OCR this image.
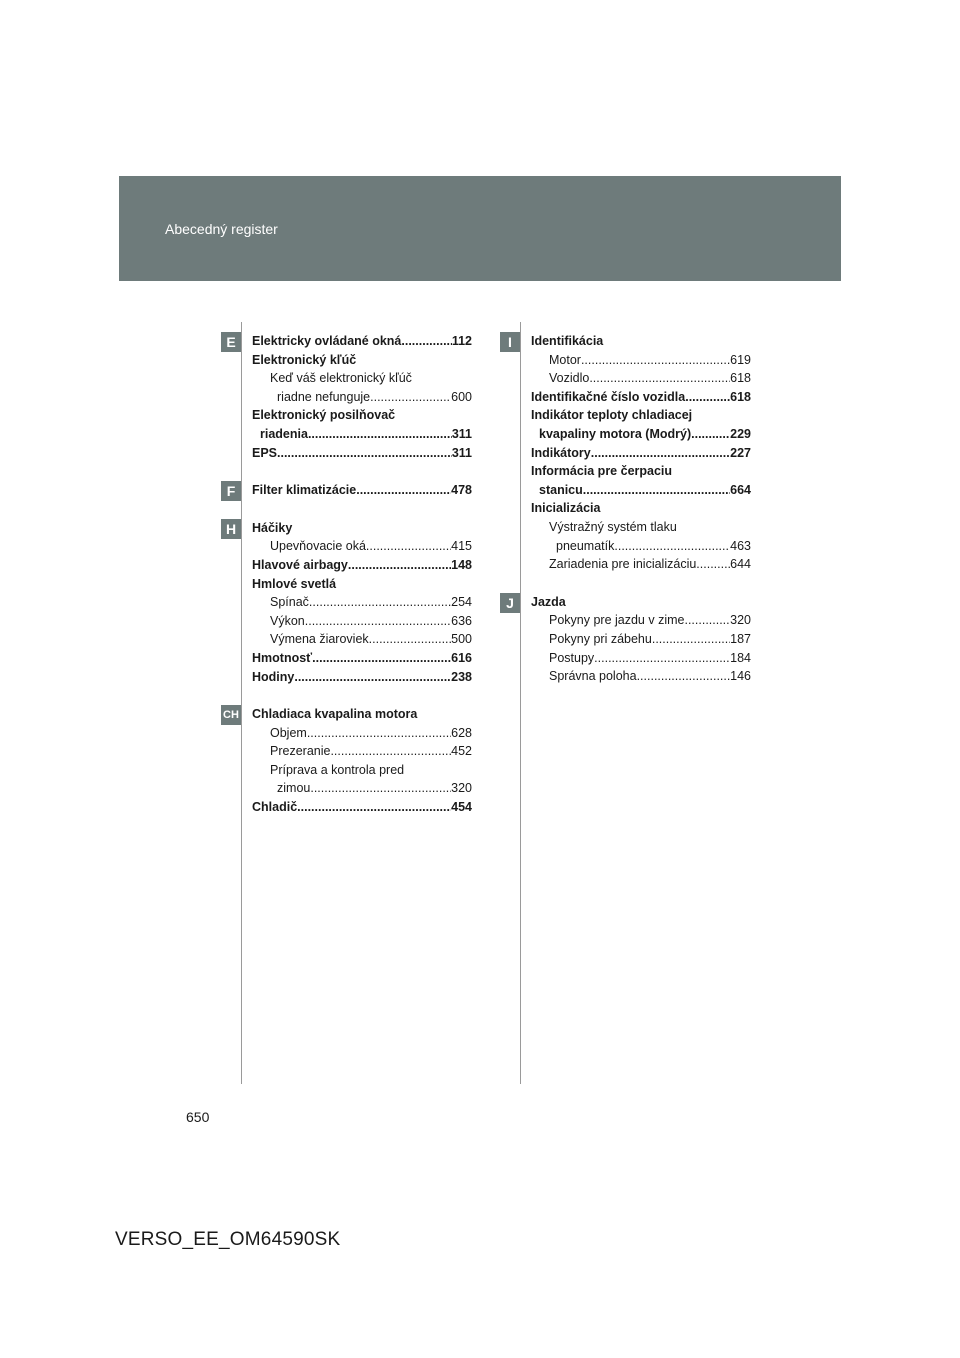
Abecedný register
E	Elektricky ovládané okná .....	112
Elektronický kľúč
Keď váš elektronický kľúč
riadne nefunguje .....	600
Elektronický posilňovač
riadenia .....	311
EPS .....	311
F	Filter klimatizácie .....	478
H	Háčiky
Upevňovacie oká .....	415
Hlavové airbagy .....	148
Hmlové svetlá
Spínač .....	254
Výkon .....	636
Výmena žiaroviek .....	500
Hmotnosť .....	616
Hodiny .....	238
CH Chladiaca kvapalina motora
Objem .....	628
Prezeranie .....	452
Príprava a kontrola pred
zimou .....	320
Chladič .....	454
I	Identifikácia
Motor .....	619
Vozidlo .....	618
Identifikačné číslo vozidla .....	618
Indikátor teploty chladiacej
kvapaliny motora (Modrý) .....	229
Indikátory .....	227
Informácia pre čerpaciu
stanicu .....	664
Inicializácia
Výstražný systém tlaku
pneumatík .....	463
Zariadenia pre inicializáciu .....	644
J	Jazda
Pokyny pre jazdu v zime .....	320
Pokyny pri zábehu .....	187
Postupy .....	184
Správna poloha .....	146
650
VERSO_EE_OM64590SK
